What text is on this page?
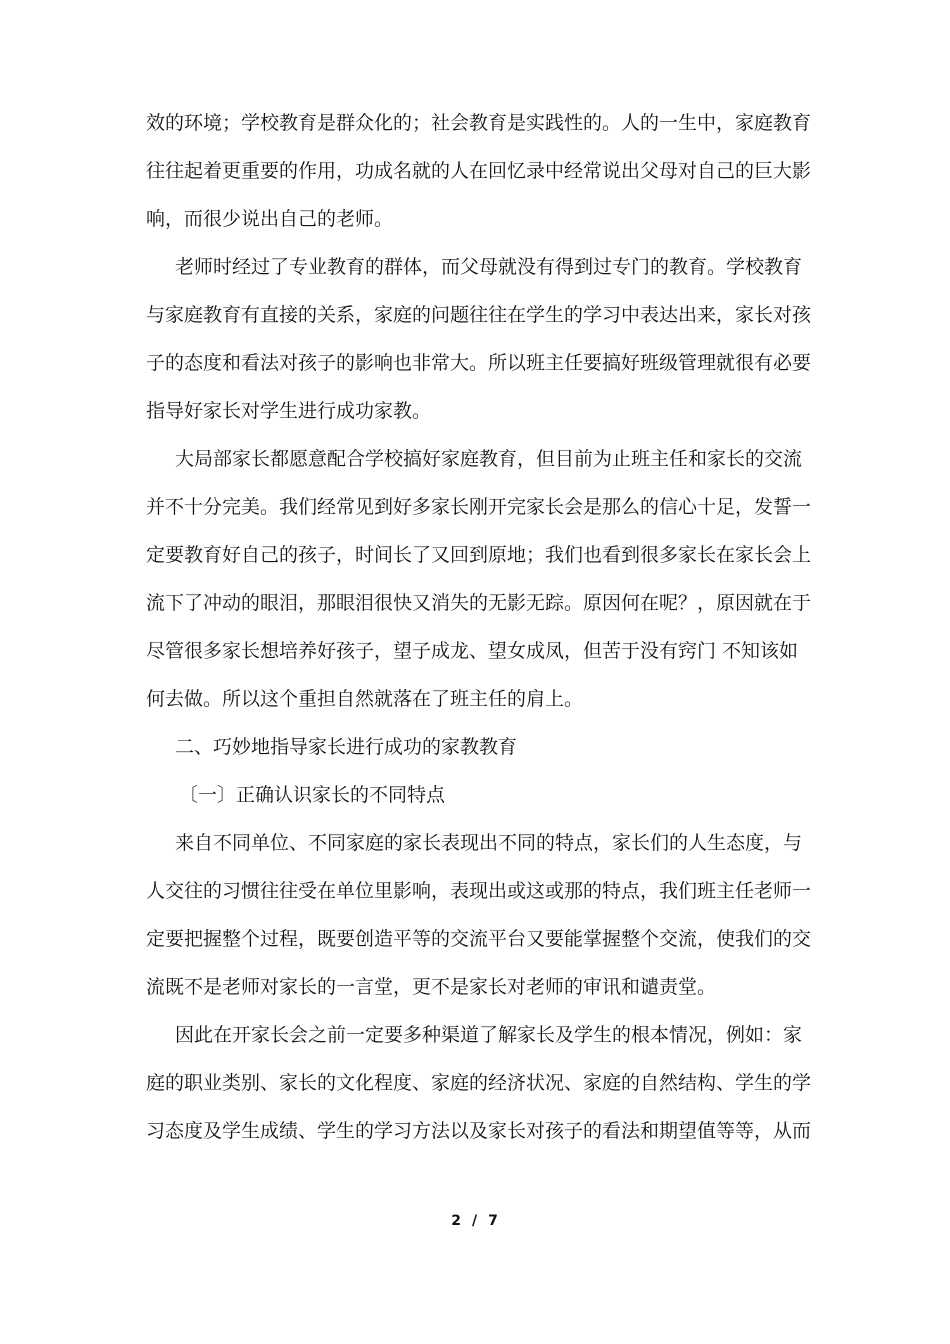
效的环境；学校教育是群众化的；社会教育是实践性的。人的一生中，家庭教育
往往起着更重要的作用，功成名就的人在回忆录中经常说出父母对自己的巨大影
响，而很少说出自己的老师。
老师时经过了专业教育的群体，而父母就没有得到过专门的教育。学校教育
与家庭教育有直接的关系，家庭的问题往往在学生的学习中表达出来，家长对孩
子的态度和看法对孩子的影响也非常大。所以班主任要搞好班级管理就很有必要
指导好家长对学生进行成功家教。
大局部家长都愿意配合学校搞好家庭教育，但目前为止班主任和家长的交流
并不十分完美。我们经常见到好多家长刚开完家长会是那么的信心十足，发誓一
定要教育好自己的孩子，时间长了又回到原地；我们也看到很多家长在家长会上
流下了冲动的眼泪，那眼泪很快又消失的无影无踪。原因何在呢？，原因就在于
尽管很多家长想培养好孩子，望子成龙、望女成凤，但苦于没有窍门 不知该如
何去做。所以这个重担自然就落在了班主任的肩上。
二、巧妙地指导家长进行成功的家教教育
〔一〕正确认识家长的不同特点
来自不同单位、不同家庭的家长表现出不同的特点，家长们的人生态度，与
人交往的习惯往往受在单位里影响，表现出或这或那的特点，我们班主任老师一
定要把握整个过程，既要创造平等的交流平台又要能掌握整个交流，使我们的交
流既不是老师对家长的一言堂，更不是家长对老师的审讯和谴责堂。
因此在开家长会之前一定要多种渠道了解家长及学生的根本情况，例如：家
庭的职业类别、家长的文化程度、家庭的经济状况、家庭的自然结构、学生的学
习态度及学生成绩、学生的学习方法以及家长对孩子的看法和期望值等等，从而
2 / 7
